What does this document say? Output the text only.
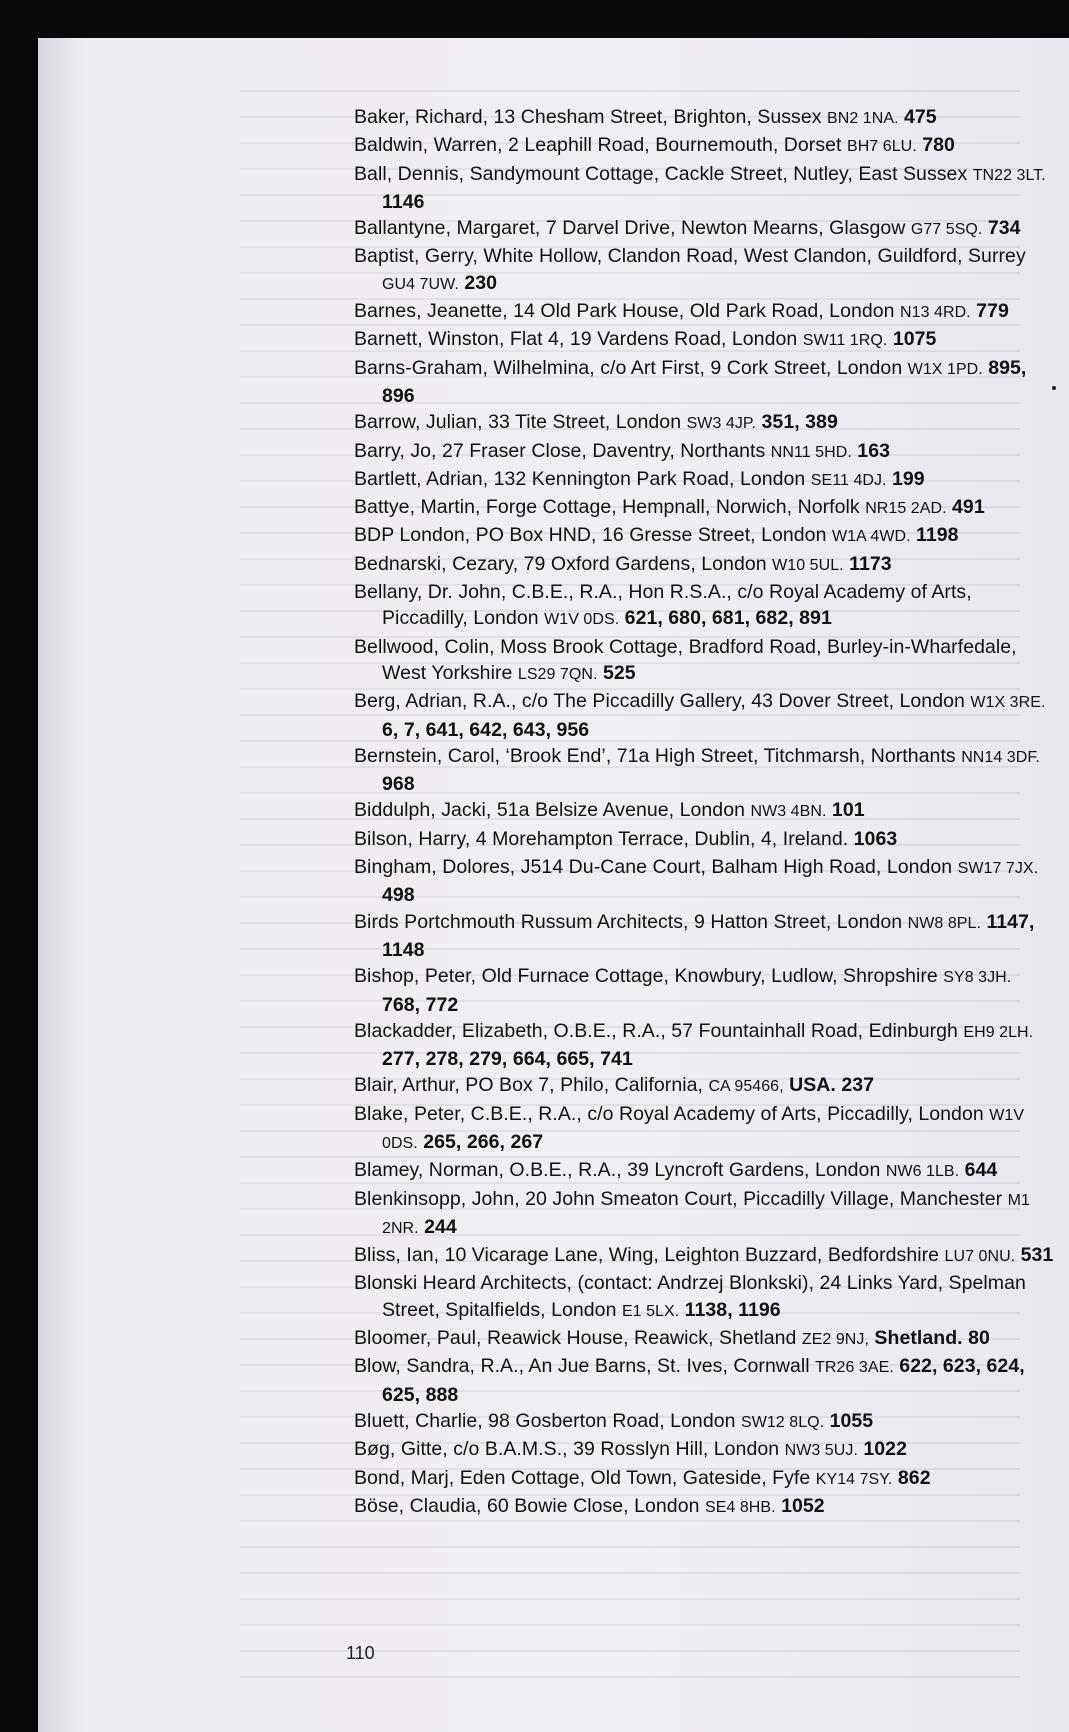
Baker, Richard, 13 Chesham Street, Brighton, Sussex BN2 1NA. 475

Baldwin, Warren, 2 Leaphill Road, Bournemouth, Dorset BH7 6LU. 780

Ball, Dennis, Sandymount Cottage, Cackle Street, Nutley, East Sussex TN22 3LT. 1146

Ballantyne, Margaret, 7 Darvel Drive, Newton Mearns, Glasgow G77 5SQ. 734

Baptist, Gerry, White Hollow, Clandon Road, West Clandon, Guildford, Surrey GU4 7UW. 230

Barnes, Jeanette, 14 Old Park House, Old Park Road, London N13 4RD. 779

Barnett, Winston, Flat 4, 19 Vardens Road, London SW11 1RQ. 1075

Barns-Graham, Wilhelmina, c/o Art First, 9 Cork Street, London W1X 1PD. 895, 896

Barrow, Julian, 33 Tite Street, London SW3 4JP. 351, 389

Barry, Jo, 27 Fraser Close, Daventry, Northants NN11 5HD. 163

Bartlett, Adrian, 132 Kennington Park Road, London SE11 4DJ. 199

Battye, Martin, Forge Cottage, Hempnall, Norwich, Norfolk NR15 2AD. 491

BDP London, PO Box HND, 16 Gresse Street, London W1A 4WD. 1198

Bednarski, Cezary, 79 Oxford Gardens, London W10 5UL. 1173

Bellany, Dr. John, C.B.E., R.A., Hon R.S.A., c/o Royal Academy of Arts, Piccadilly, London W1V 0DS. 621, 680, 681, 682, 891

Bellwood, Colin, Moss Brook Cottage, Bradford Road, Burley-in-Wharfedale, West Yorkshire LS29 7QN. 525

Berg, Adrian, R.A., c/o The Piccadilly Gallery, 43 Dover Street, London W1X 3RE. 6, 7, 641, 642, 643, 956

Bernstein, Carol, ‘Brook End’, 71a High Street, Titchmarsh, Northants NN14 3DF. 968

Biddulph, Jacki, 51a Belsize Avenue, London NW3 4BN. 101

Bilson, Harry, 4 Morehampton Terrace, Dublin, 4, Ireland. 1063

Bingham, Dolores, J514 Du-Cane Court, Balham High Road, London SW17 7JX. 498

Birds Portchmouth Russum Architects, 9 Hatton Street, London NW8 8PL. 1147, 1148

Bishop, Peter, Old Furnace Cottage, Knowbury, Ludlow, Shropshire SY8 3JH. 768, 772

Blackadder, Elizabeth, O.B.E., R.A., 57 Fountainhall Road, Edinburgh EH9 2LH. 277, 278, 279, 664, 665, 741

Blair, Arthur, PO Box 7, Philo, California, CA 95466, USA. 237

Blake, Peter, C.B.E., R.A., c/o Royal Academy of Arts, Piccadilly, London W1V 0DS. 265, 266, 267

Blamey, Norman, O.B.E., R.A., 39 Lyncroft Gardens, London NW6 1LB. 644

Blenkinsopp, John, 20 John Smeaton Court, Piccadilly Village, Manchester M1 2NR. 244

Bliss, Ian, 10 Vicarage Lane, Wing, Leighton Buzzard, Bedfordshire LU7 0NU. 531

Blonski Heard Architects, (contact: Andrzej Blonkski), 24 Links Yard, Spelman Street, Spitalfields, London E1 5LX. 1138, 1196

Bloomer, Paul, Reawick House, Reawick, Shetland ZE2 9NJ, Shetland. 80

Blow, Sandra, R.A., An Jue Barns, St. Ives, Cornwall TR26 3AE. 622, 623, 624, 625, 888

Bluett, Charlie, 98 Gosberton Road, London SW12 8LQ. 1055

Bøg, Gitte, c/o B.A.M.S., 39 Rosslyn Hill, London NW3 5UJ. 1022

Bond, Marj, Eden Cottage, Old Town, Gateside, Fyfe KY14 7SY. 862

Böse, Claudia, 60 Bowie Close, London SE4 8HB. 1052

110
